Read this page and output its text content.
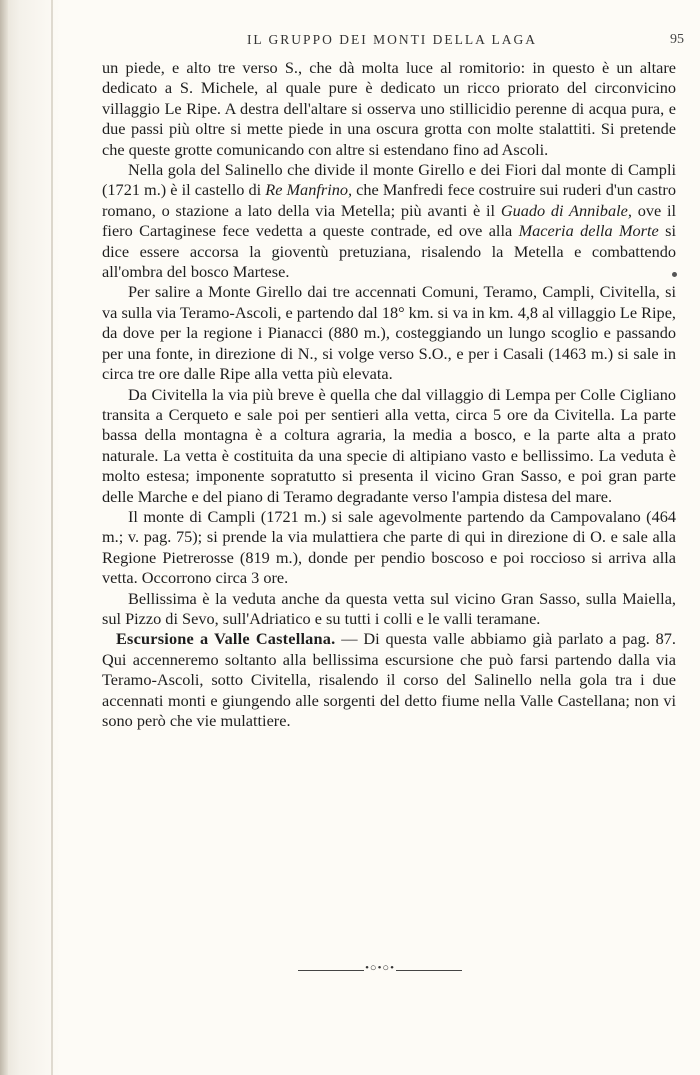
IL GRUPPO DEI MONTI DELLA LAGA	95

un piede, e alto tre verso S., che dà molta luce al romitorio: in questo è un altare dedicato a S. Michele, al quale pure è dedicato un ricco priorato del circonvicino villaggio Le Ripe. A destra dell'altare si osserva uno stillicidio perenne di acqua pura, e due passi più oltre si mette piede in una oscura grotta con molte stalattiti. Si pretende che queste grotte comunicando con altre si estendano fino ad Ascoli.

Nella gola del Salinello che divide il monte Girello e dei Fiori dal monte di Campli (1721 m.) è il castello di Re Manfrino, che Manfredi fece costruire sui ruderi d'un castro romano, o stazione a lato della via Metella; più avanti è il Guado di Annibale, ove il fiero Cartaginese fece vedetta a queste contrade, ed ove alla Maceria della Morte si dice essere accorsa la gioventù pretuziana, risalendo la Metella e combattendo all'ombra del bosco Martese.

Per salire a Monte Girello dai tre accennati Comuni, Teramo, Campli, Civitella, si va sulla via Teramo-Ascoli, e partendo dal 18° km. si va in km. 4,8 al villaggio Le Ripe, da dove per la regione i Pianacci (880 m.), costeggiando un lungo scoglio e passando per una fonte, in direzione di N., si volge verso S.O., e per i Casali (1463 m.) si sale in circa tre ore dalle Ripe alla vetta più elevata.

Da Civitella la via più breve è quella che dal villaggio di Lempa per Colle Cigliano transita a Cerqueto e sale poi per sentieri alla vetta, circa 5 ore da Civitella. La parte bassa della montagna è a coltura agraria, la media a bosco, e la parte alta a prato naturale. La vetta è costituita da una specie di altipiano vasto e bellissimo. La veduta è molto estesa; imponente sopratutto si presenta il vicino Gran Sasso, e poi gran parte delle Marche e del piano di Teramo degradante verso l'ampia distesa del mare.

Il monte di Campli (1721 m.) si sale agevolmente partendo da Campovalano (464 m.; v. pag. 75); si prende la via mulattiera che parte di qui in direzione di O. e sale alla Regione Pietrerosse (819 m.), donde per pendio boscoso e poi roccioso si arriva alla vetta. Occorrono circa 3 ore.

Bellissima è la veduta anche da questa vetta sul vicino Gran Sasso, sulla Maiella, sul Pizzo di Sevo, sull'Adriatico e su tutti i colli e le valli teramane.

Escursione a Valle Castellana. — Di questa valle abbiamo già parlato a pag. 87. Qui accenneremo soltanto alla bellissima escursione che può farsi partendo dalla via Teramo-Ascoli, sotto Civitella, risalendo il corso del Salinello nella gola tra i due accennati monti e giungendo alle sorgenti del detto fiume nella Valle Castellana; non vi sono però che vie mulattiere.

•○•○•
